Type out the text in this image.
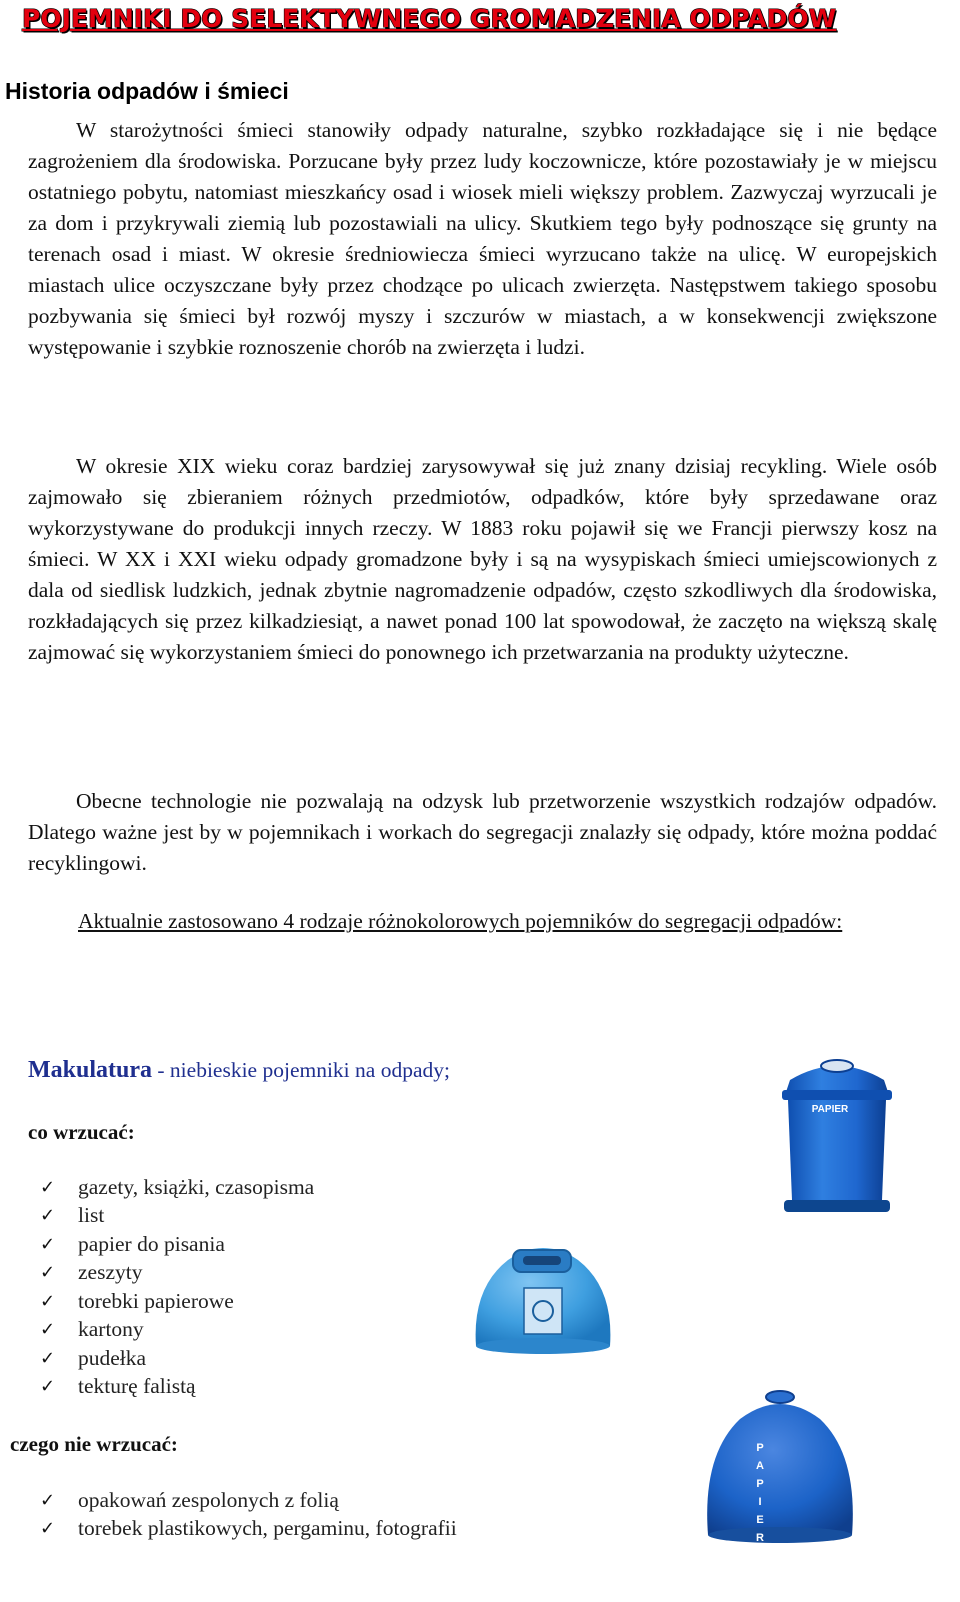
POJEMNIKI DO SELEKTYWNEGO GROMADZENIA ODPADÓW
Historia odpadów i śmieci

W starożytności śmieci stanowiły odpady naturalne, szybko rozkładające się i nie będące zagrożeniem dla środowiska. Porzucane były przez ludy koczownicze, które pozostawiały je w miejscu ostatniego pobytu, natomiast mieszkańcy osad i wiosek mieli większy problem. Zazwyczaj wyrzucali je za dom i przykrywali ziemią lub pozostawiali na ulicy. Skutkiem tego były podnoszące się grunty na terenach osad i miast. W okresie średniowiecza śmieci wyrzucano także na ulicę. W europejskich miastach ulice oczyszczane były przez chodzące po ulicach zwierzęta. Następstwem takiego sposobu pozbywania się śmieci był rozwój myszy i szczurów w miastach, a w konsekwencji zwiększone występowanie i szybkie roznoszenie chorób na zwierzęta i ludzi.

W okresie XIX wieku coraz bardziej zarysowywał się już znany dzisiaj recykling. Wiele osób zajmowało się zbieraniem różnych przedmiotów, odpadków, które były sprzedawane oraz wykorzystywane do produkcji innych rzeczy. W 1883 roku pojawił się we Francji pierwszy kosz na śmieci. W XX i XXI wieku odpady gromadzone były i są na wysypiskach śmieci umiejscowionych z dala od siedlisk ludzkich, jednak zbytnie nagromadzenie odpadów, często szkodliwych dla środowiska, rozkładających się przez kilkadziesiąt, a nawet ponad 100 lat spowodował, że zaczęto na większą skalę zajmować się wykorzystaniem śmieci do ponownego ich przetwarzania na produkty użyteczne.

Obecne technologie nie pozwalają na odzysk lub przetworzenie wszystkich rodzajów odpadów. Dlatego ważne jest by w pojemnikach i workach do segregacji znalazły się odpady, które można poddać recyklingowi.

Aktualnie zastosowano 4 rodzaje różnokolorowych pojemników do segregacji odpadów:

Makulatura - niebieskie pojemniki na odpady;
co wrzucać:
✓	gazety, książki, czasopisma
✓	list
✓	papier do pisania
✓	zeszyty
✓	torebki papierowe
✓	kartony
✓	pudełka
✓	tekturę falistą
czego nie wrzucać:
✓	opakowań zespolonych z folią
✓	torebek plastikowych, pergaminu, fotografii
PAPIER
P A P I E R
